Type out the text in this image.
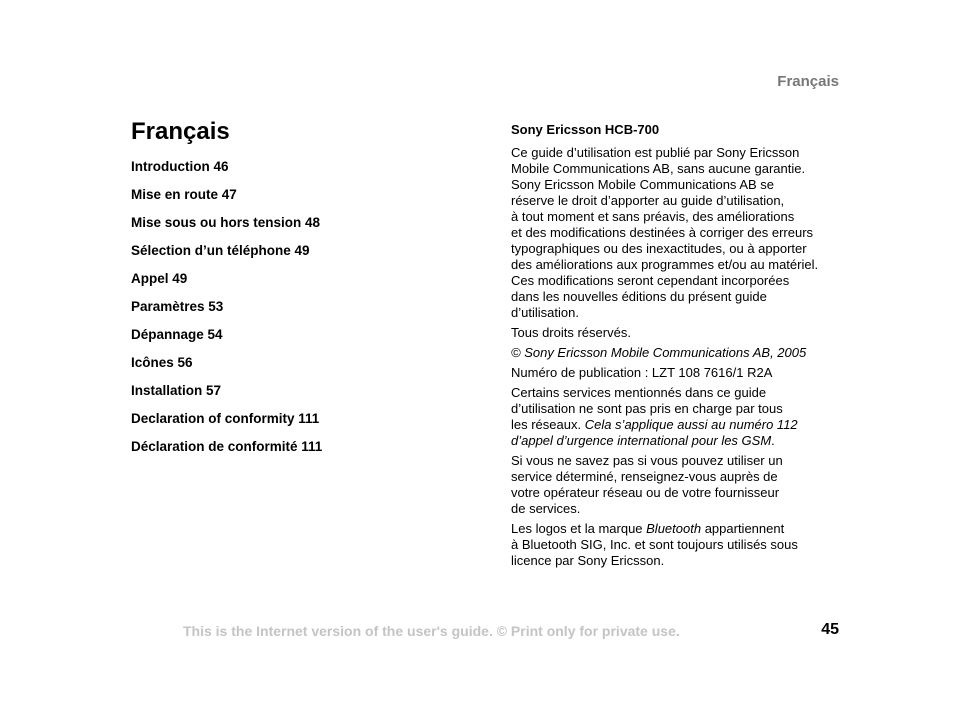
Français
Français
Introduction 46
Mise en route 47
Mise sous ou hors tension 48
Sélection d’un téléphone 49
Appel 49
Paramètres 53
Dépannage 54
Icônes 56
Installation 57
Declaration of conformity 111
Déclaration de conformité 111
Sony Ericsson HCB-700
Ce guide d’utilisation est publié par Sony Ericsson
Mobile Communications AB, sans aucune garantie.
Sony Ericsson Mobile Communications AB se
réserve le droit d’apporter au guide d’utilisation,
à tout moment et sans préavis, des améliorations
et des modifications destinées à corriger des erreurs
typographiques ou des inexactitudes, ou à apporter
des améliorations aux programmes et/ou au matériel.
Ces modifications seront cependant incorporées
dans les nouvelles éditions du présent guide
d’utilisation.
Tous droits réservés.
© Sony Ericsson Mobile Communications AB, 2005
Numéro de publication : LZT 108 7616/1 R2A
Certains services mentionnés dans ce guide
d’utilisation ne sont pas pris en charge par tous
les réseaux. Cela s’applique aussi au numéro 112
d’appel d’urgence international pour les GSM.
Si vous ne savez pas si vous pouvez utiliser un
service déterminé, renseignez-vous auprès de
votre opérateur réseau ou de votre fournisseur
de services.
Les logos et la marque Bluetooth appartiennent
à Bluetooth SIG, Inc. et sont toujours utilisés sous
licence par Sony Ericsson.
This is the Internet version of the user's guide. © Print only for private use.	45
